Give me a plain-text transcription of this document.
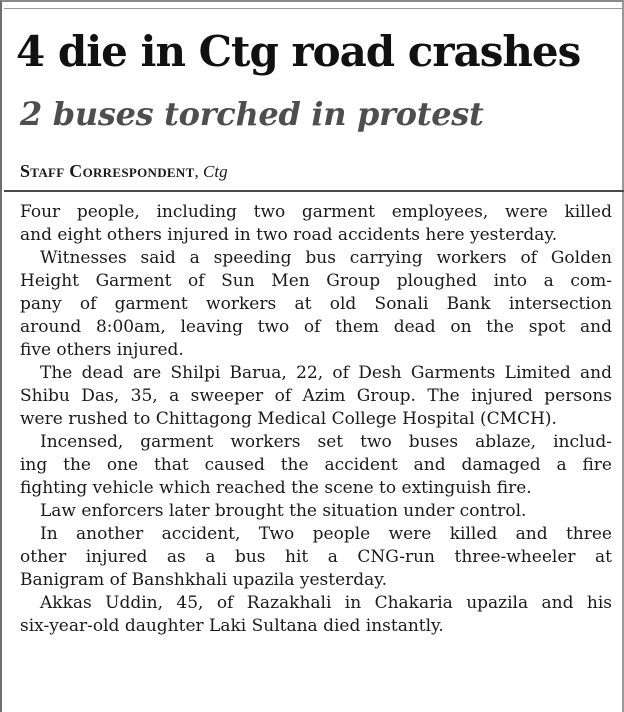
4 die in Ctg road crashes
2 buses torched in protest
Staff Correspondent, Ctg
Four people, including two garment employees, were killed
and eight others injured in two road accidents here yesterday.
Witnesses said a speeding bus carrying workers of Golden
Height Garment of Sun Men Group ploughed into a com-
pany of garment workers at old Sonali Bank intersection
around 8:00am, leaving two of them dead on the spot and
five others injured.
The dead are Shilpi Barua, 22, of Desh Garments Limited and
Shibu Das, 35, a sweeper of Azim Group. The injured persons
were rushed to Chittagong Medical College Hospital (CMCH).
Incensed, garment workers set two buses ablaze, includ-
ing the one that caused the accident and damaged a fire
fighting vehicle which reached the scene to extinguish fire.
Law enforcers later brought the situation under control.
In another accident, Two people were killed and three
other injured as a bus hit a CNG-run three-wheeler at
Banigram of Banshkhali upazila yesterday.
Akkas Uddin, 45, of Razakhali in Chakaria upazila and his
six-year-old daughter Laki Sultana died instantly.
